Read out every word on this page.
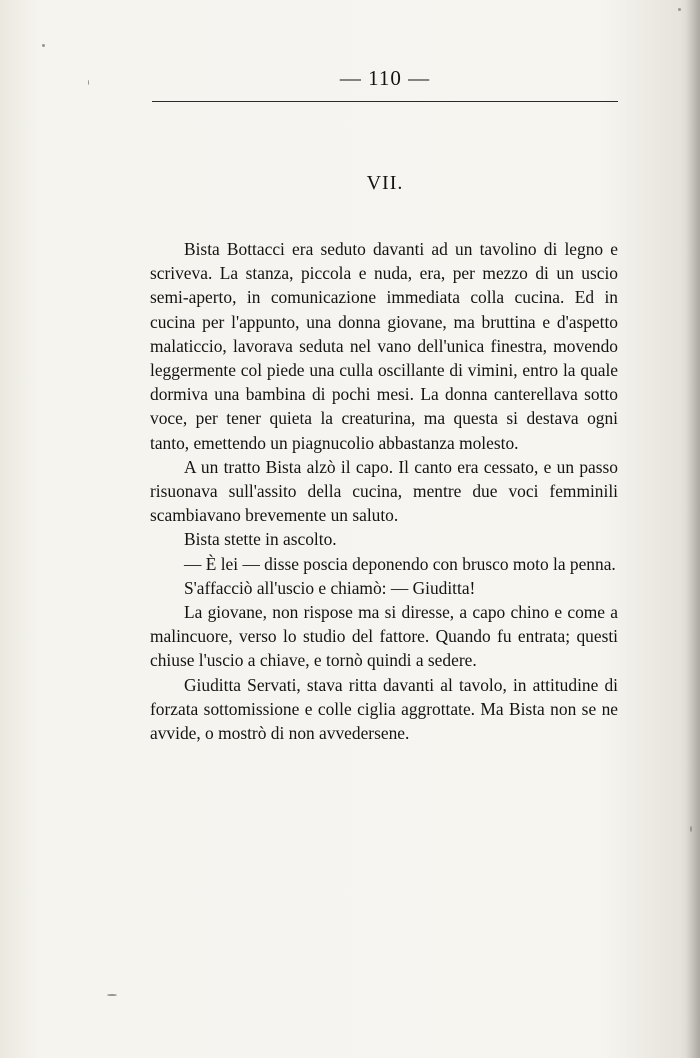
— 110 —
VII.

Bista Bottacci era seduto davanti ad un tavolino di legno e scriveva. La stanza, piccola e nuda, era, per mezzo di un uscio semi-aperto, in comunicazione immediata colla cucina. Ed in cucina per l'appunto, una donna giovane, ma bruttina e d'aspetto malaticcio, lavorava seduta nel vano dell'unica finestra, movendo leggermente col piede una culla oscillante di vimini, entro la quale dormiva una bambina di pochi mesi. La donna canterellava sotto voce, per tener quieta la creaturina, ma questa si destava ogni tanto, emettendo un piagnucolio abbastanza molesto.

A un tratto Bista alzò il capo. Il canto era cessato, e un passo risuonava sull'assito della cucina, mentre due voci femminili scambiavano brevemente un saluto.

Bista stette in ascolto.

— È lei — disse poscia deponendo con brusco moto la penna.

S'affacciò all'uscio e chiamò: — Giuditta!

La giovane, non rispose ma si diresse, a capo chino e come a malincuore, verso lo studio del fattore. Quando fu entrata; questi chiuse l'uscio a chiave, e tornò quindi a sedere.

Giuditta Servati, stava ritta davanti al tavolo, in attitudine di forzata sottomissione e colle ciglia aggrottate. Ma Bista non se ne avvide, o mostrò di non avvedersene.
